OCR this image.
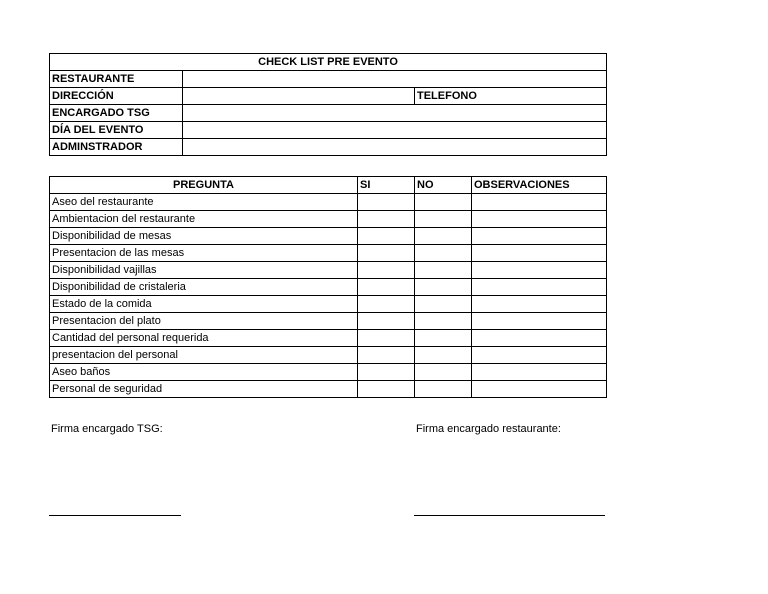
CHECK LIST PRE EVENTO		
RESTAURANTE		
DIRECCIÓN		TELEFONO
ENCARGADO TSG		
DÍA DEL EVENTO		
ADMINSTRADOR		
PREGUNTA	SI	NO	OBSERVACIONES
Aseo del restaurante			
Ambientacion del restaurante			
Disponibilidad de mesas			
Presentacion de las mesas			
Disponibilidad vajillas			
Disponibilidad de cristaleria			
Estado de la comida			
Presentacion del plato			
Cantidad del personal requerida			
presentacion del personal			
Aseo baños			
Personal de seguridad			
Firma encargado TSG:	Firma encargado restaurante:
